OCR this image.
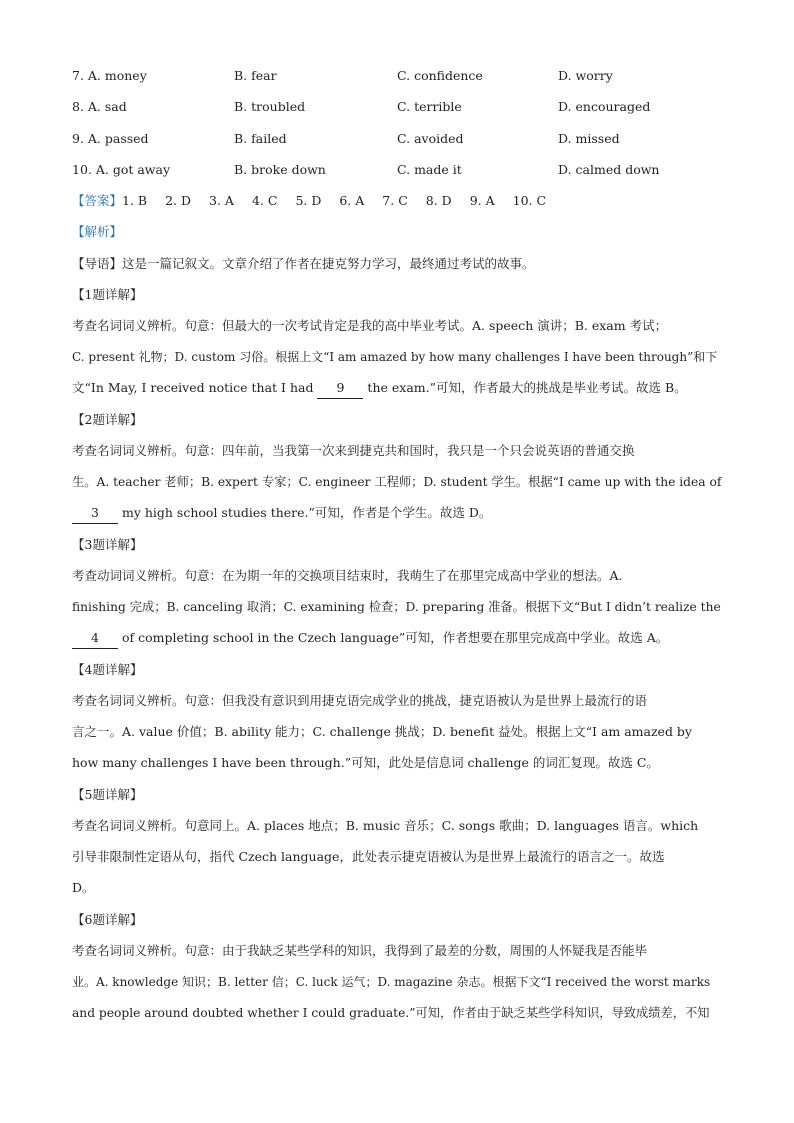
7. A. money	B. fear	C. confidence	D. worry
8. A. sad	B. troubled	C. terrible	D. encouraged
9. A. passed	B. failed	C. avoided	D. missed
10. A. got away	B. broke down	C. made it	D. calmed down
【答案】1. B 2. D 3. A 4. C 5. D 6. A 7. C 8. D 9. A 10. C
【解析】
【导语】这是一篇记叙文。文章介绍了作者在捷克努力学习，最终通过考试的故事。
【1题详解】
考查名词词义辨析。句意：但最大的一次考试肯定是我的高中毕业考试。A. speech 演讲；B. exam 考试；
C. present 礼物；D. custom 习俗。根据上文“I am amazed by how many challenges I have been through”和下
文“In May, I received notice that I had 9 the exam.”可知，作者最大的挑战是毕业考试。故选 B。
【2题详解】
考查名词词义辨析。句意：四年前，当我第一次来到捷克共和国时，我只是一个只会说英语的普通交换
生。A. teacher 老师；B. expert 专家；C. engineer 工程师；D. student 学生。根据“I came up with the idea of
3 my high school studies there.”可知，作者是个学生。故选 D。
【3题详解】
考查动词词义辨析。句意：在为期一年的交换项目结束时，我萌生了在那里完成高中学业的想法。A.
finishing 完成；B. canceling 取消；C. examining 检查；D. preparing 准备。根据下文“But I didn’t realize the
4 of completing school in the Czech language”可知，作者想要在那里完成高中学业。故选 A。
【4题详解】
考查名词词义辨析。句意：但我没有意识到用捷克语完成学业的挑战，捷克语被认为是世界上最流行的语
言之一。A. value 价值；B. ability 能力；C. challenge 挑战；D. benefit 益处。根据上文“I am amazed by
how many challenges I have been through.”可知，此处是信息词 challenge 的词汇复现。故选 C。
【5题详解】
考查名词词义辨析。句意同上。A. places 地点；B. music 音乐；C. songs 歌曲；D. languages 语言。which
引导非限制性定语从句，指代 Czech language，此处表示捷克语被认为是世界上最流行的语言之一。故选
D。
【6题详解】
考查名词词义辨析。句意：由于我缺乏某些学科的知识，我得到了最差的分数，周围的人怀疑我是否能毕
业。A. knowledge 知识；B. letter 信；C. luck 运气；D. magazine 杂志。根据下文“I received the worst marks
and people around doubted whether I could graduate.”可知，作者由于缺乏某些学科知识，导致成绩差，不知
